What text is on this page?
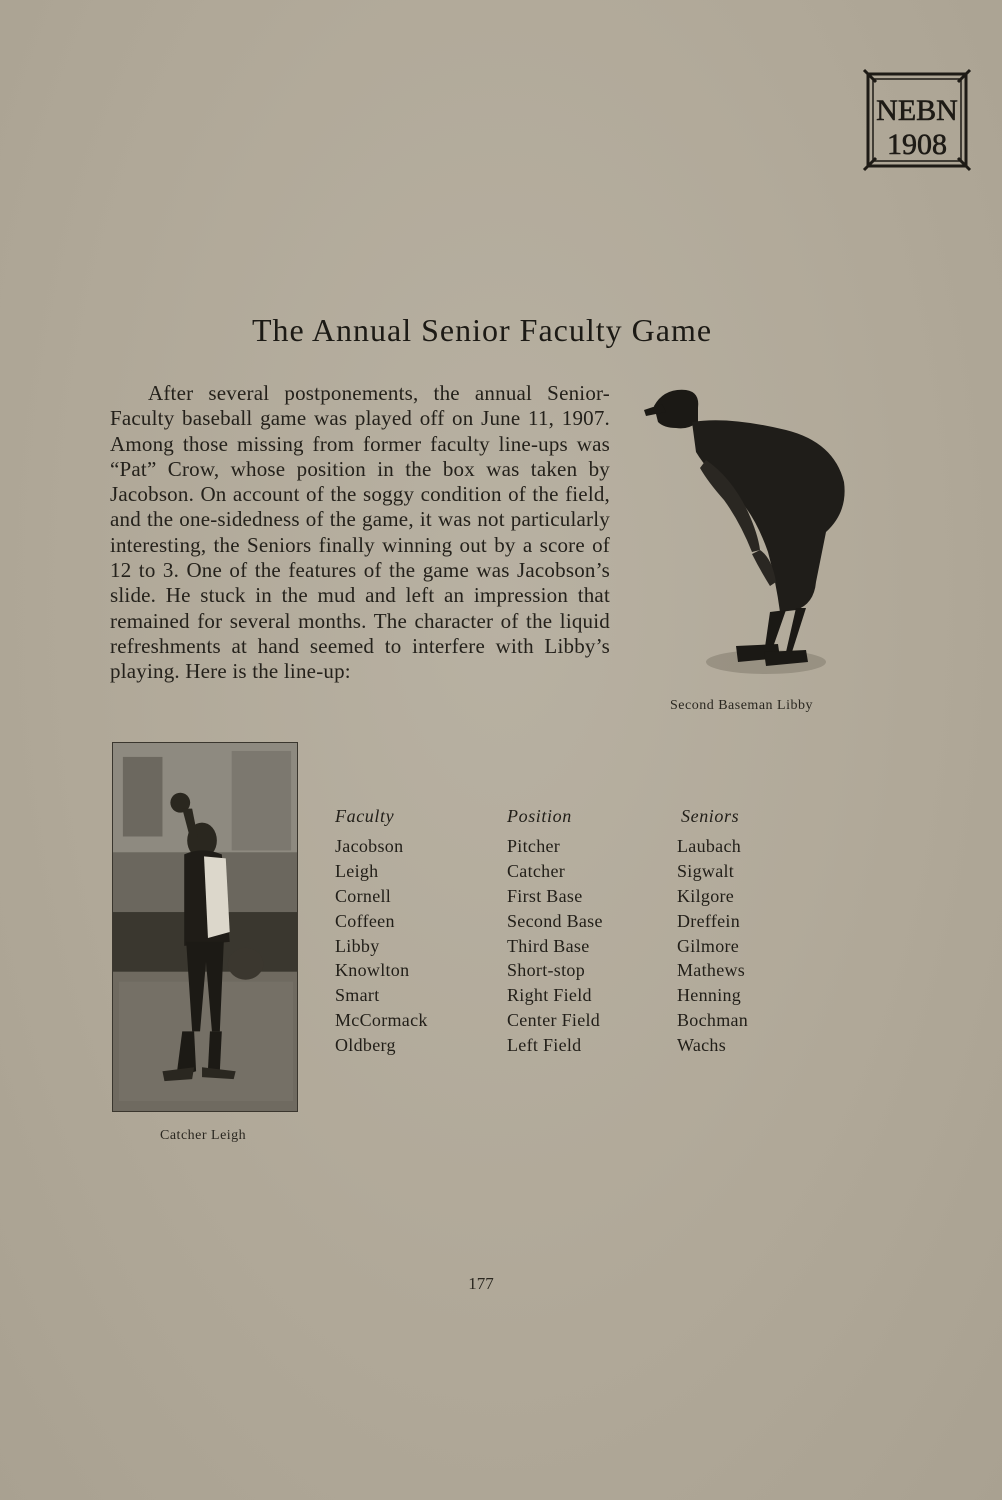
NEBN
1908
The Annual Senior Faculty Game
After several postponements, the annual Senior-Faculty baseball game was played off on June 11, 1907. Among those missing from former faculty line-ups was “Pat” Crow, whose position in the box was taken by Jacobson. On account of the soggy condition of the field, and the one-sidedness of the game, it was not particularly interesting, the Seniors finally winning out by a score of 12 to 3. One of the features of the game was Jacobson’s slide. He stuck in the mud and left an impression that remained for several months. The character of the liquid refreshments at hand seemed to interfere with Libby’s playing. Here is the line-up:
Second Baseman Libby
Catcher Leigh
Faculty
Jacobson
Leigh
Cornell
Coffeen
Libby
Knowlton
Smart
McCormack
Oldberg
Position
Pitcher
Catcher
First Base
Second Base
Third Base
Short-stop
Right Field
Center Field
Left Field
Seniors
Laubach
Sigwalt
Kilgore
Dreffein
Gilmore
Mathews
Henning
Bochman
Wachs
177
